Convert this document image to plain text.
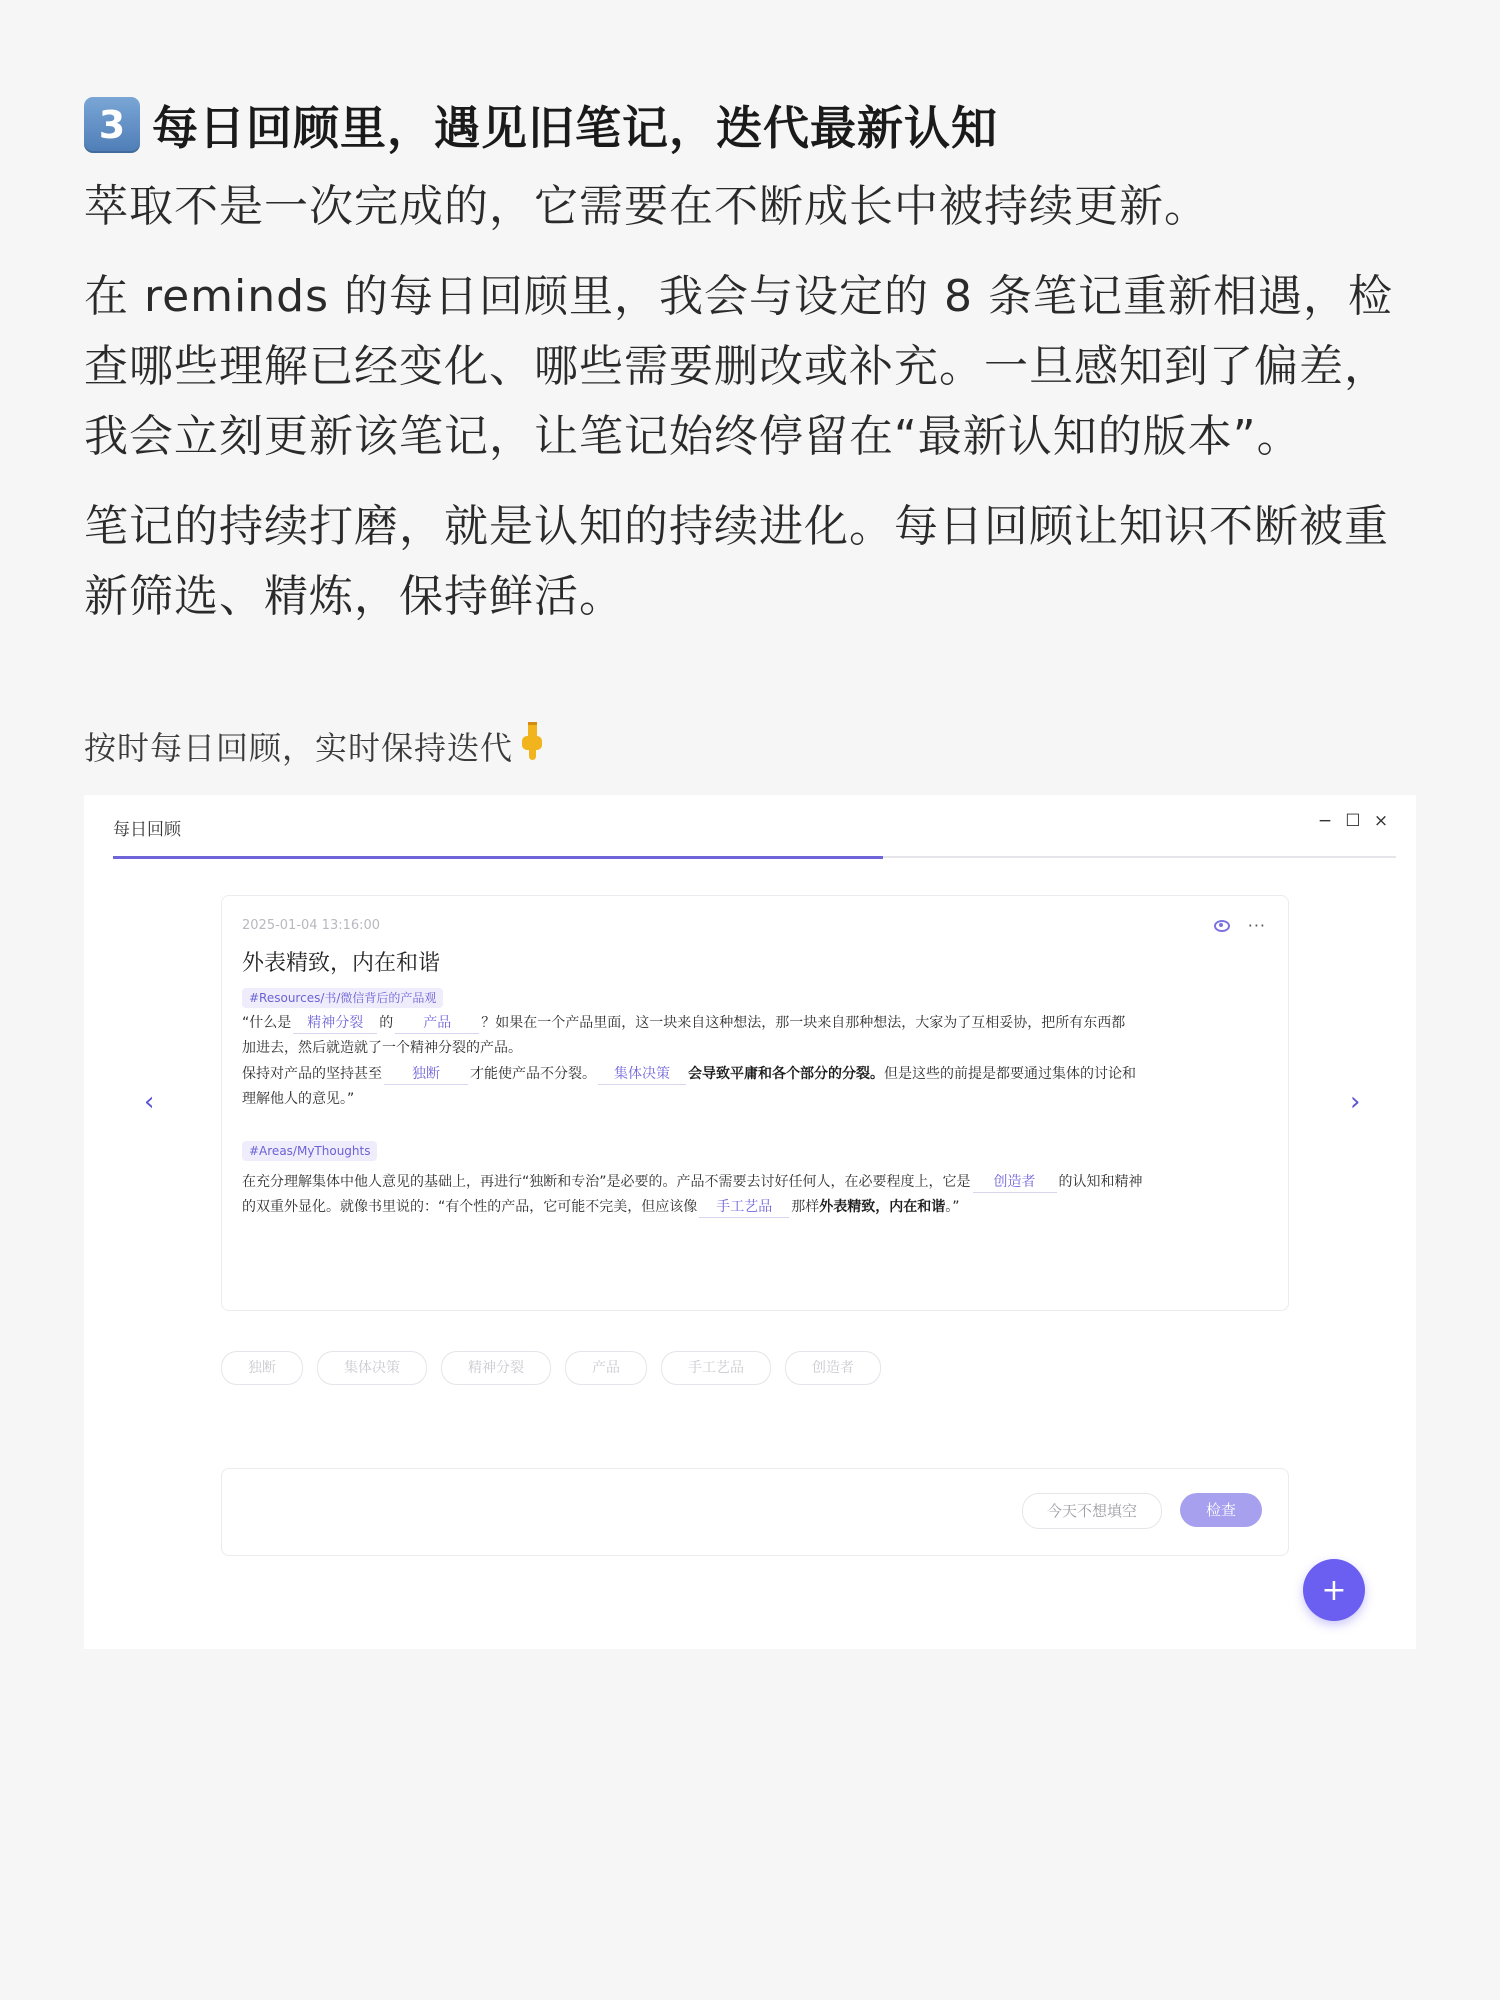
3 每日回顾里，遇见旧笔记，迭代最新认知

萃取不是一次完成的，它需要在不断成长中被持续更新。

在 reminds 的每日回顾里，我会与设定的 8 条笔记重新相遇，检查哪些理解已经变化、哪些需要删改或补充。一旦感知到了偏差，我会立刻更新该笔记，让笔记始终停留在“最新认知的版本”。

笔记的持续打磨，就是认知的持续进化。每日回顾让知识不断被重新筛选、精炼，保持鲜活。

按时每日回顾，实时保持迭代
每日回顾	− ☐ ×
‹	›
2025-01-04 13:16:00	···
外表精致，内在和谐
#Resources/书/微信背后的产品观
“什么是 精神分裂 的 产品 ？如果在一个产品里面，这一块来自这种想法，那一块来自那种想法，大家为了互相妥协，把所有东西都
加进去，然后就造就了一个精神分裂的产品。
保持对产品的坚持甚至 独断 才能使产品不分裂。 集体决策 会导致平庸和各个部分的分裂。但是这些的前提是都要通过集体的讨论和
理解他人的意见。”
#Areas/MyThoughts
在充分理解集体中他人意见的基础上，再进行“独断和专治”是必要的。产品不需要去讨好任何人，在必要程度上，它是 创造者 的认知和精神
的双重外显化。就像书里说的：“有个性的产品，它可能不完美，但应该像 手工艺品 那样外表精致，内在和谐。”
独断	集体决策	精神分裂	产品	手工艺品	创造者
今天不想填空	检查
+
